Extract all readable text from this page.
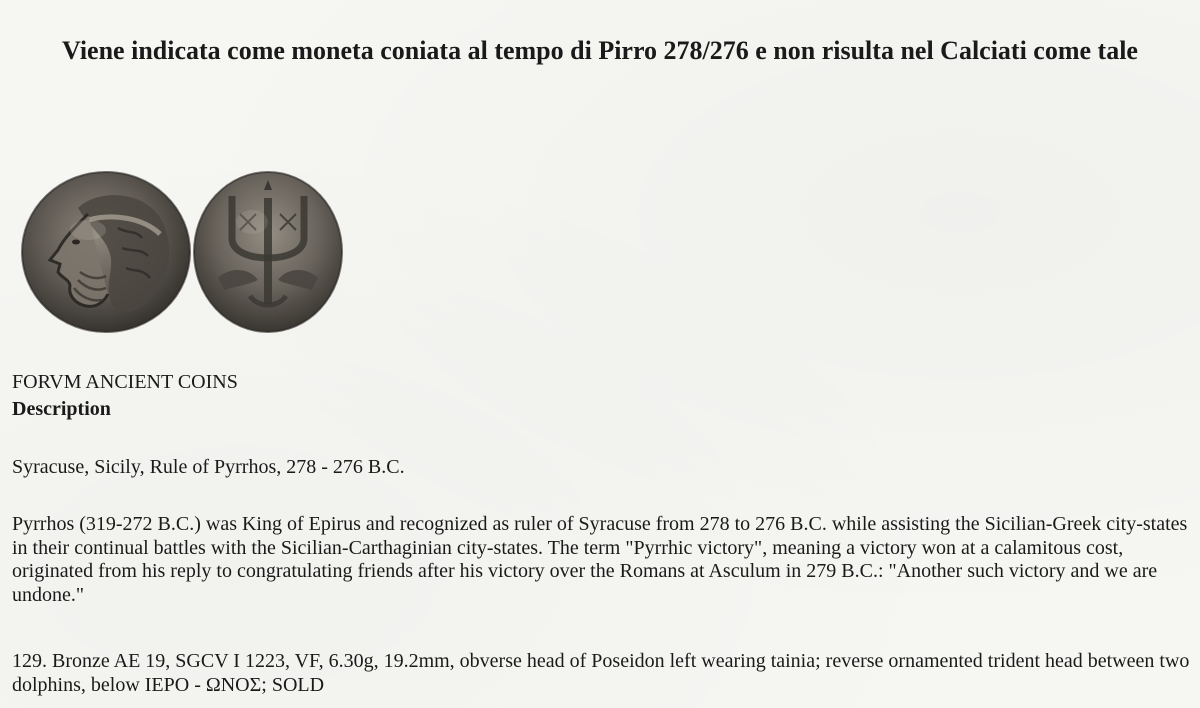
Viene indicata come moneta coniata al tempo di Pirro 278/276 e non risulta nel Calciati come tale

FORVM ANCIENT COINS

Description

Syracuse, Sicily, Rule of Pyrrhos, 278 - 276 B.C.

Pyrrhos (319-272 B.C.) was King of Epirus and recognized as ruler of Syracuse from 278 to 276 B.C. while assisting the Sicilian-Greek city-states in their continual battles with the Sicilian-Carthaginian city-states. The term "Pyrrhic victory", meaning a victory won at a calamitous cost, originated from his reply to congratulating friends after his victory over the Romans at Asculum in 279 B.C.: "Another such victory and we are undone."

129. Bronze AE 19, SGCV I 1223, VF, 6.30g, 19.2mm, obverse head of Poseidon left wearing tainia; reverse ornamented trident head between two dolphins, below IEPO - ΩΝΟΣ; SOLD
